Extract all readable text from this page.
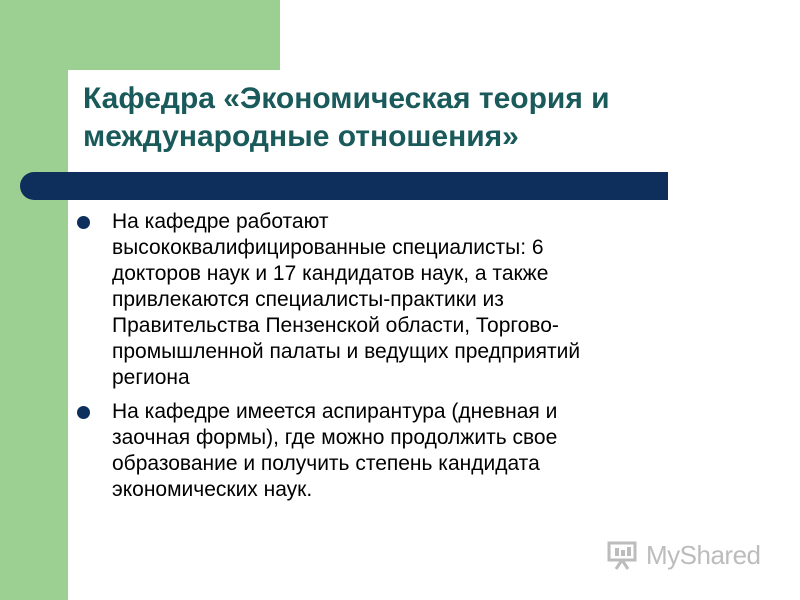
Кафедра «Экономическая теория и
международные отношения»
На кафедре работают
высококвалифицированные специалисты: 6
докторов наук и 17 кандидатов наук, а также
привлекаются специалисты-практики из
Правительства Пензенской области, Торгово-
промышленной палаты и ведущих предприятий
региона
На кафедре имеется аспирантура (дневная и
заочная формы), где можно продолжить свое
образование и получить степень кандидата
экономических наук.
MyShared
